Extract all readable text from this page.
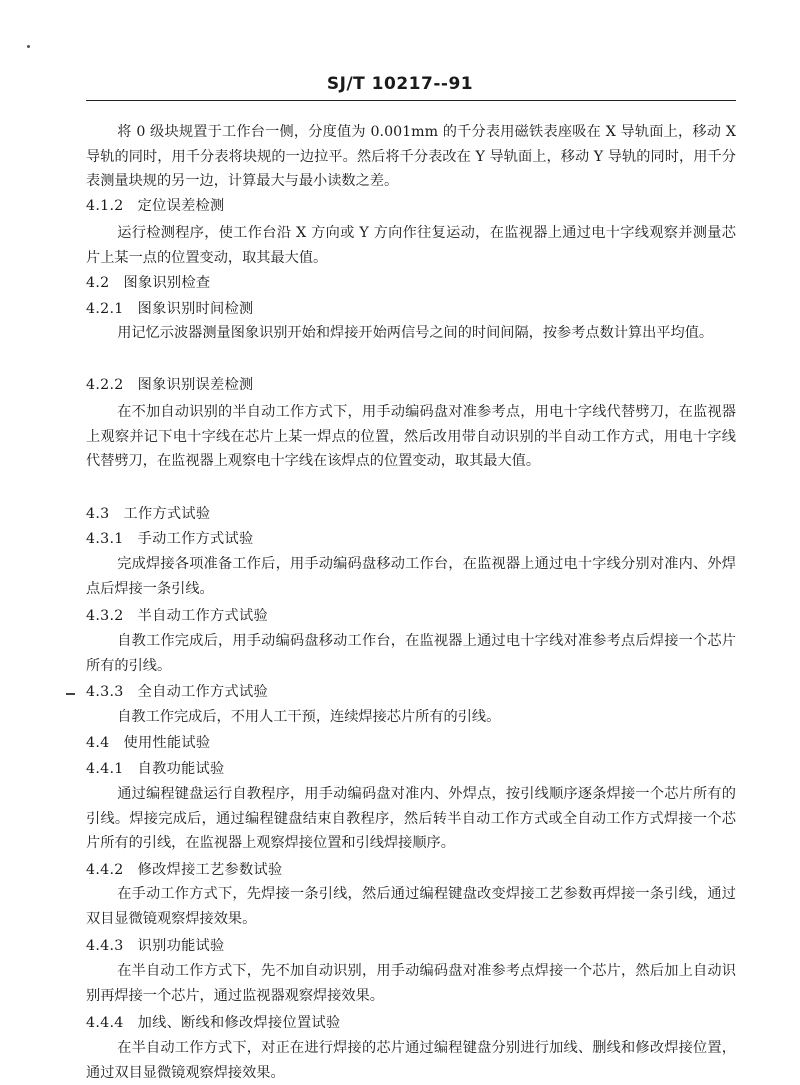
SJ/T 10217--91

将 0 级块规置于工作台一侧，分度值为 0.001mm 的千分表用磁铁表座吸在 X 导轨面上，移动 X 导轨的同时，用千分表将块规的一边拉平。然后将千分表改在 Y 导轨面上，移动 Y 导轨的同时，用千分表测量块规的另一边，计算最大与最小读数之差。

4.1.2 定位误差检测

运行检测程序，使工作台沿 X 方向或 Y 方向作往复运动，在监视器上通过电十字线观察并测量芯片上某一点的位置变动，取其最大值。

4.2 图象识别检查
4.2.1 图象识别时间检测

用记忆示波器测量图象识别开始和焊接开始两信号之间的时间间隔，按参考点数计算出平均值。

4.2.2 图象识别误差检测

在不加自动识别的半自动工作方式下，用手动编码盘对准参考点，用电十字线代替劈刀，在监视器上观察并记下电十字线在芯片上某一焊点的位置，然后改用带自动识别的半自动工作方式，用电十字线代替劈刀，在监视器上观察电十字线在该焊点的位置变动，取其最大值。

4.3 工作方式试验
4.3.1 手动工作方式试验

完成焊接各项准备工作后，用手动编码盘移动工作台，在监视器上通过电十字线分别对准内、外焊点后焊接一条引线。

4.3.2 半自动工作方式试验

自教工作完成后，用手动编码盘移动工作台，在监视器上通过电十字线对准参考点后焊接一个芯片所有的引线。

4.3.3 全自动工作方式试验

自教工作完成后，不用人工干预，连续焊接芯片所有的引线。

4.4 使用性能试验
4.4.1 自教功能试验

通过编程键盘运行自教程序，用手动编码盘对准内、外焊点，按引线顺序逐条焊接一个芯片所有的引线。焊接完成后，通过编程键盘结束自教程序，然后转半自动工作方式或全自动工作方式焊接一个芯片所有的引线，在监视器上观察焊接位置和引线焊接顺序。

4.4.2 修改焊接工艺参数试验

在手动工作方式下，先焊接一条引线，然后通过编程键盘改变焊接工艺参数再焊接一条引线，通过双目显微镜观察焊接效果。

4.4.3 识别功能试验

在半自动工作方式下，先不加自动识别，用手动编码盘对准参考点焊接一个芯片，然后加上自动识别再焊接一个芯片，通过监视器观察焊接效果。

4.4.4 加线、断线和修改焊接位置试验

在半自动工作方式下，对正在进行焊接的芯片通过编程键盘分别进行加线、删线和修改焊接位置，通过双目显微镜观察焊接效果。
